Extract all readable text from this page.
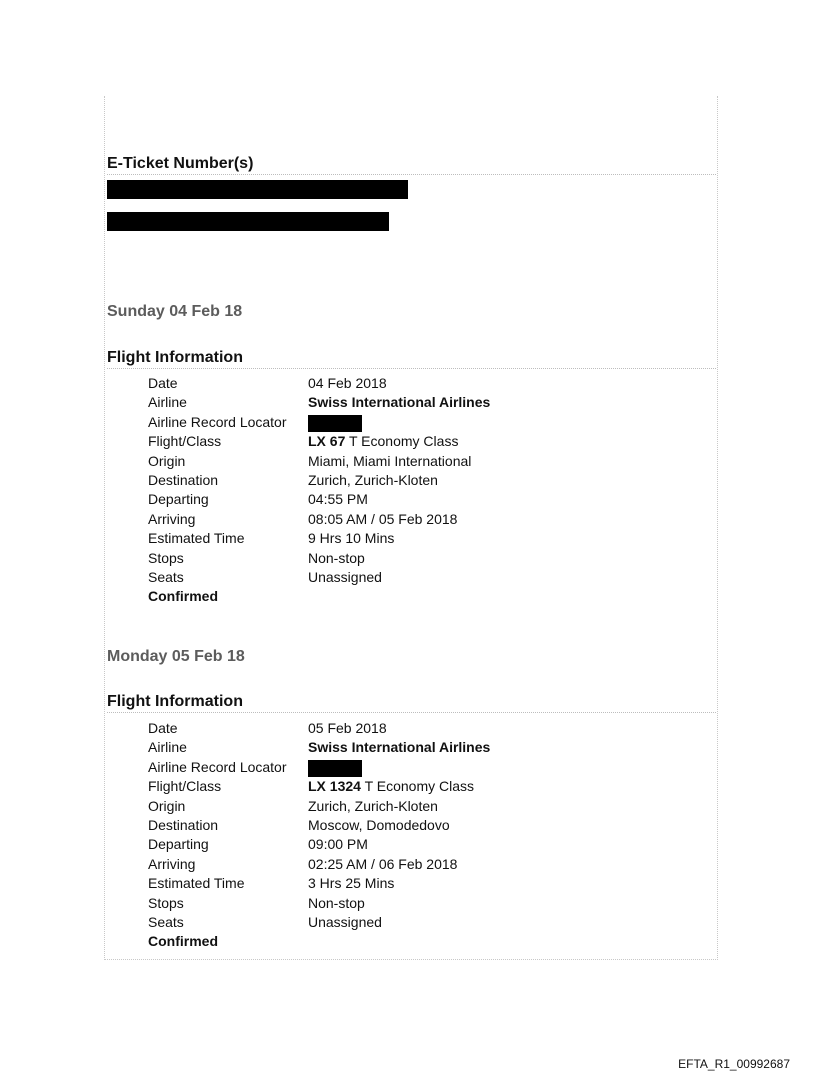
E-Ticket Number(s)
Sunday 04 Feb 18
Flight Information
Date	04 Feb 2018
Airline	Swiss International Airlines
Airline Record Locator
Flight/Class	LX 67 T Economy Class
Origin	Miami, Miami International
Destination	Zurich, Zurich-Kloten
Departing	04:55 PM
Arriving	08:05 AM / 05 Feb 2018
Estimated Time	9 Hrs 10 Mins
Stops	Non-stop
Seats	Unassigned
Confirmed
Monday 05 Feb 18
Flight Information
Date	05 Feb 2018
Airline	Swiss International Airlines
Airline Record Locator
Flight/Class	LX 1324 T Economy Class
Origin	Zurich, Zurich-Kloten
Destination	Moscow, Domodedovo
Departing	09:00 PM
Arriving	02:25 AM / 06 Feb 2018
Estimated Time	3 Hrs 25 Mins
Stops	Non-stop
Seats	Unassigned
Confirmed
EFTA_R1_00992687
